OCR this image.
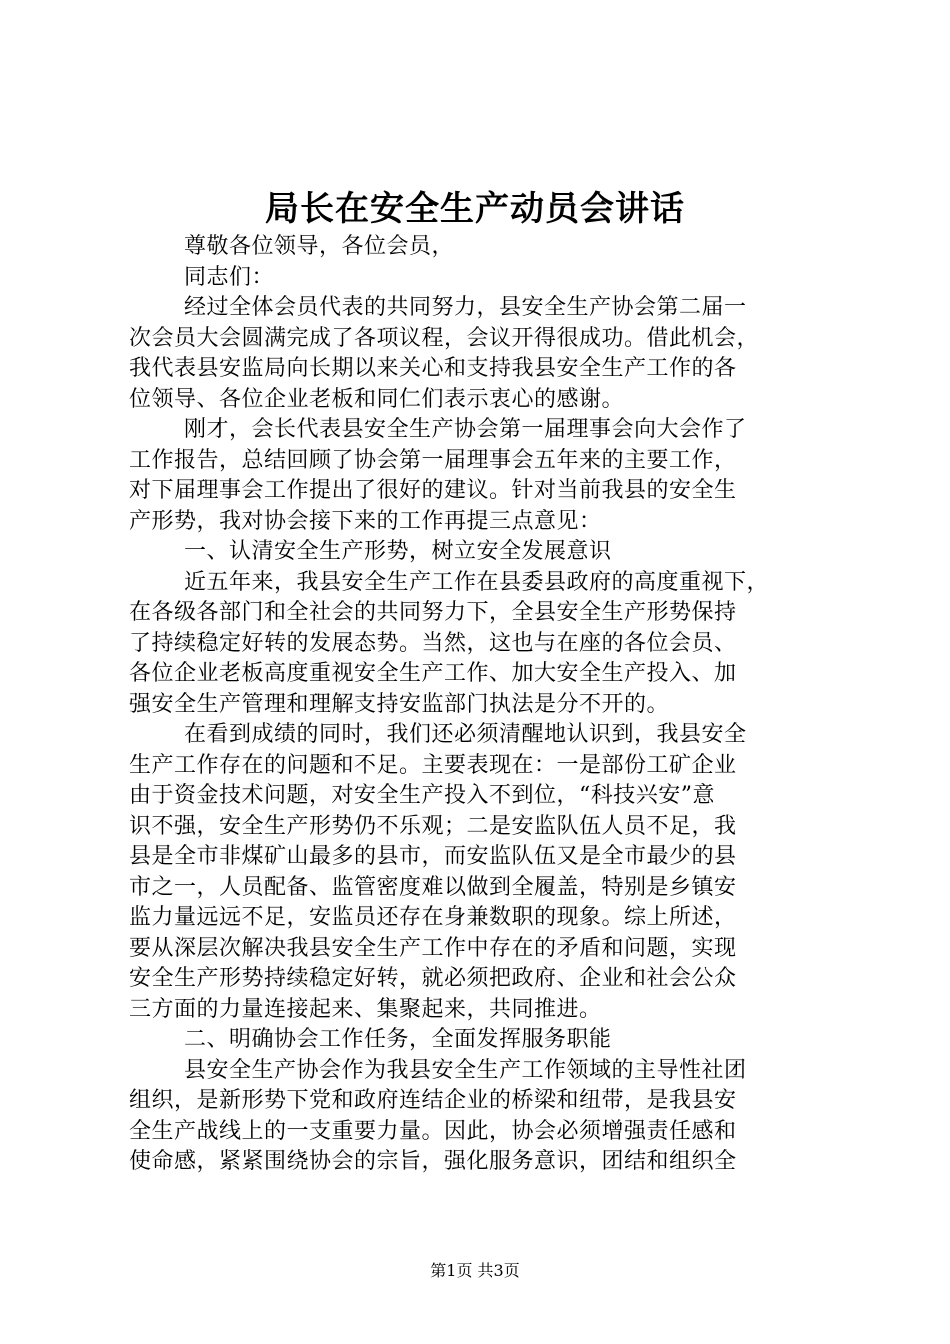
局长在安全生产动员会讲话
尊敬各位领导，各位会员，
同志们：
经过全体会员代表的共同努力，县安全生产协会第二届一
次会员大会圆满完成了各项议程，会议开得很成功。借此机会，
我代表县安监局向长期以来关心和支持我县安全生产工作的各
位领导、各位企业老板和同仁们表示衷心的感谢。
刚才，会长代表县安全生产协会第一届理事会向大会作了
工作报告，总结回顾了协会第一届理事会五年来的主要工作，
对下届理事会工作提出了很好的建议。针对当前我县的安全生
产形势，我对协会接下来的工作再提三点意见：
一、认清安全生产形势，树立安全发展意识
近五年来，我县安全生产工作在县委县政府的高度重视下，
在各级各部门和全社会的共同努力下，全县安全生产形势保持
了持续稳定好转的发展态势。当然，这也与在座的各位会员、
各位企业老板高度重视安全生产工作、加大安全生产投入、加
强安全生产管理和理解支持安监部门执法是分不开的。
在看到成绩的同时，我们还必须清醒地认识到，我县安全
生产工作存在的问题和不足。主要表现在：一是部份工矿企业
由于资金技术问题，对安全生产投入不到位，“科技兴安”意
识不强，安全生产形势仍不乐观；二是安监队伍人员不足，我
县是全市非煤矿山最多的县市，而安监队伍又是全市最少的县
市之一，人员配备、监管密度难以做到全履盖，特别是乡镇安
监力量远远不足，安监员还存在身兼数职的现象。综上所述，
要从深层次解决我县安全生产工作中存在的矛盾和问题，实现
安全生产形势持续稳定好转，就必须把政府、企业和社会公众
三方面的力量连接起来、集聚起来，共同推进。
二、明确协会工作任务，全面发挥服务职能
县安全生产协会作为我县安全生产工作领域的主导性社团
组织，是新形势下党和政府连结企业的桥梁和纽带，是我县安
全生产战线上的一支重要力量。因此，协会必须增强责任感和
使命感，紧紧围绕协会的宗旨，强化服务意识，团结和组织全
第1页 共3页
